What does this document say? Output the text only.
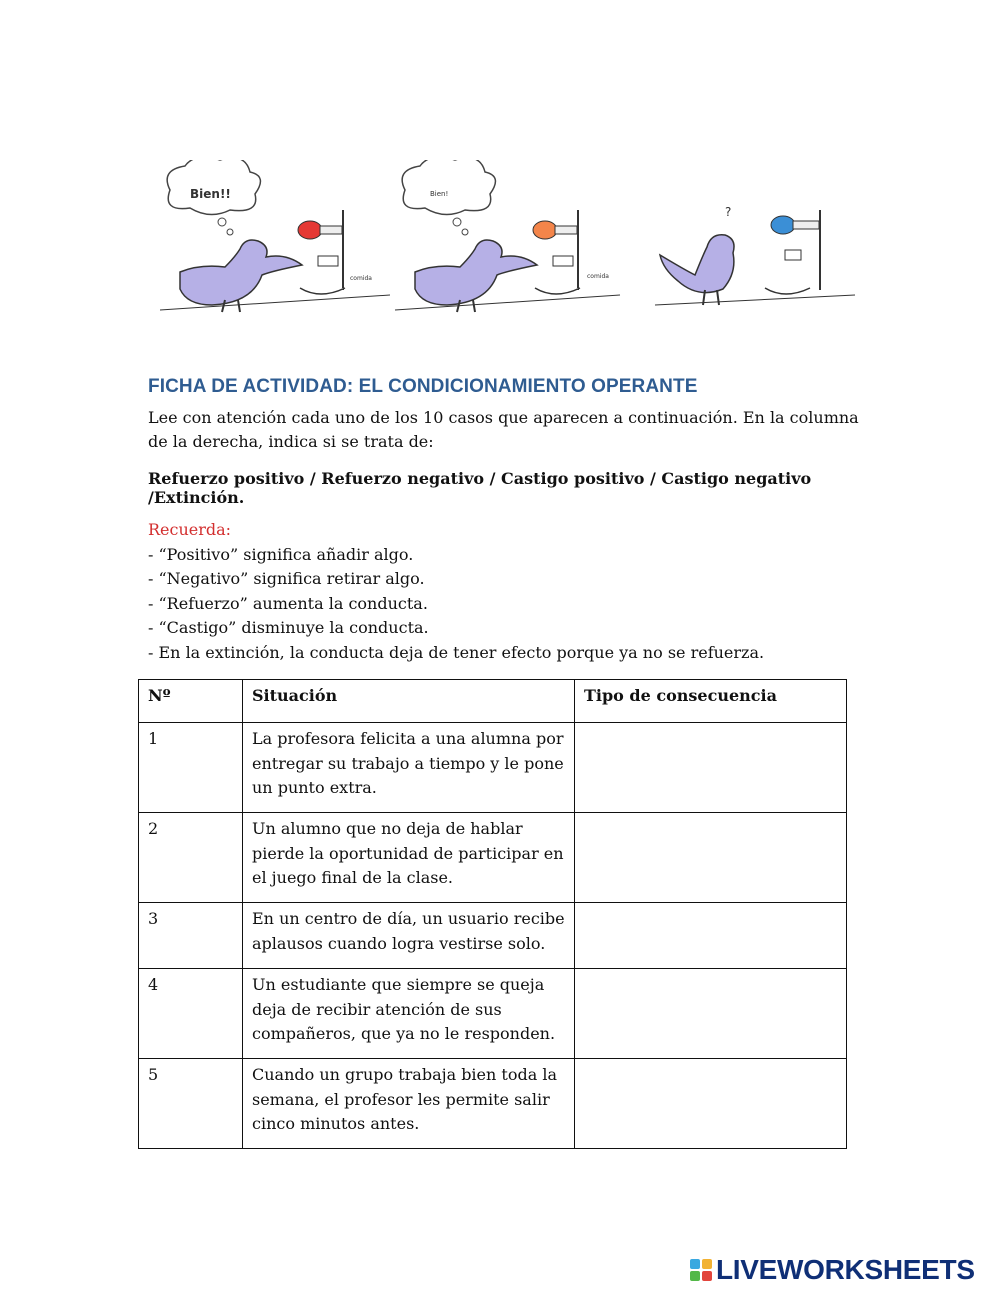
Bien!!
comida
Bien!
comida
?
FICHA DE ACTIVIDAD: EL CONDICIONAMIENTO OPERANTE

Lee con atención cada uno de los 10 casos que aparecen a continuación. En la columna de la derecha, indica si se trata de:

Refuerzo positivo / Refuerzo negativo / Castigo positivo / Castigo negativo /Extinción.

Recuerda:
- “Positivo” significa añadir algo.
- “Negativo” significa retirar algo.
- “Refuerzo” aumenta la conducta.
- “Castigo” disminuye la conducta.
- En la extinción, la conducta deja de tener efecto porque ya no se refuerza.
Nº	Situación	Tipo de consecuencia
1	La profesora felicita a una alumna por entregar su trabajo a tiempo y le pone un punto extra.	
2	Un alumno que no deja de hablar pierde la oportunidad de participar en el juego final de la clase.	
3	En un centro de día, un usuario recibe aplausos cuando logra vestirse solo.	
4	Un estudiante que siempre se queja deja de recibir atención de sus compañeros, que ya no le responden.	
5	Cuando un grupo trabaja bien toda la semana, el profesor les permite salir cinco minutos antes.	
LIVEWORKSHEETS
